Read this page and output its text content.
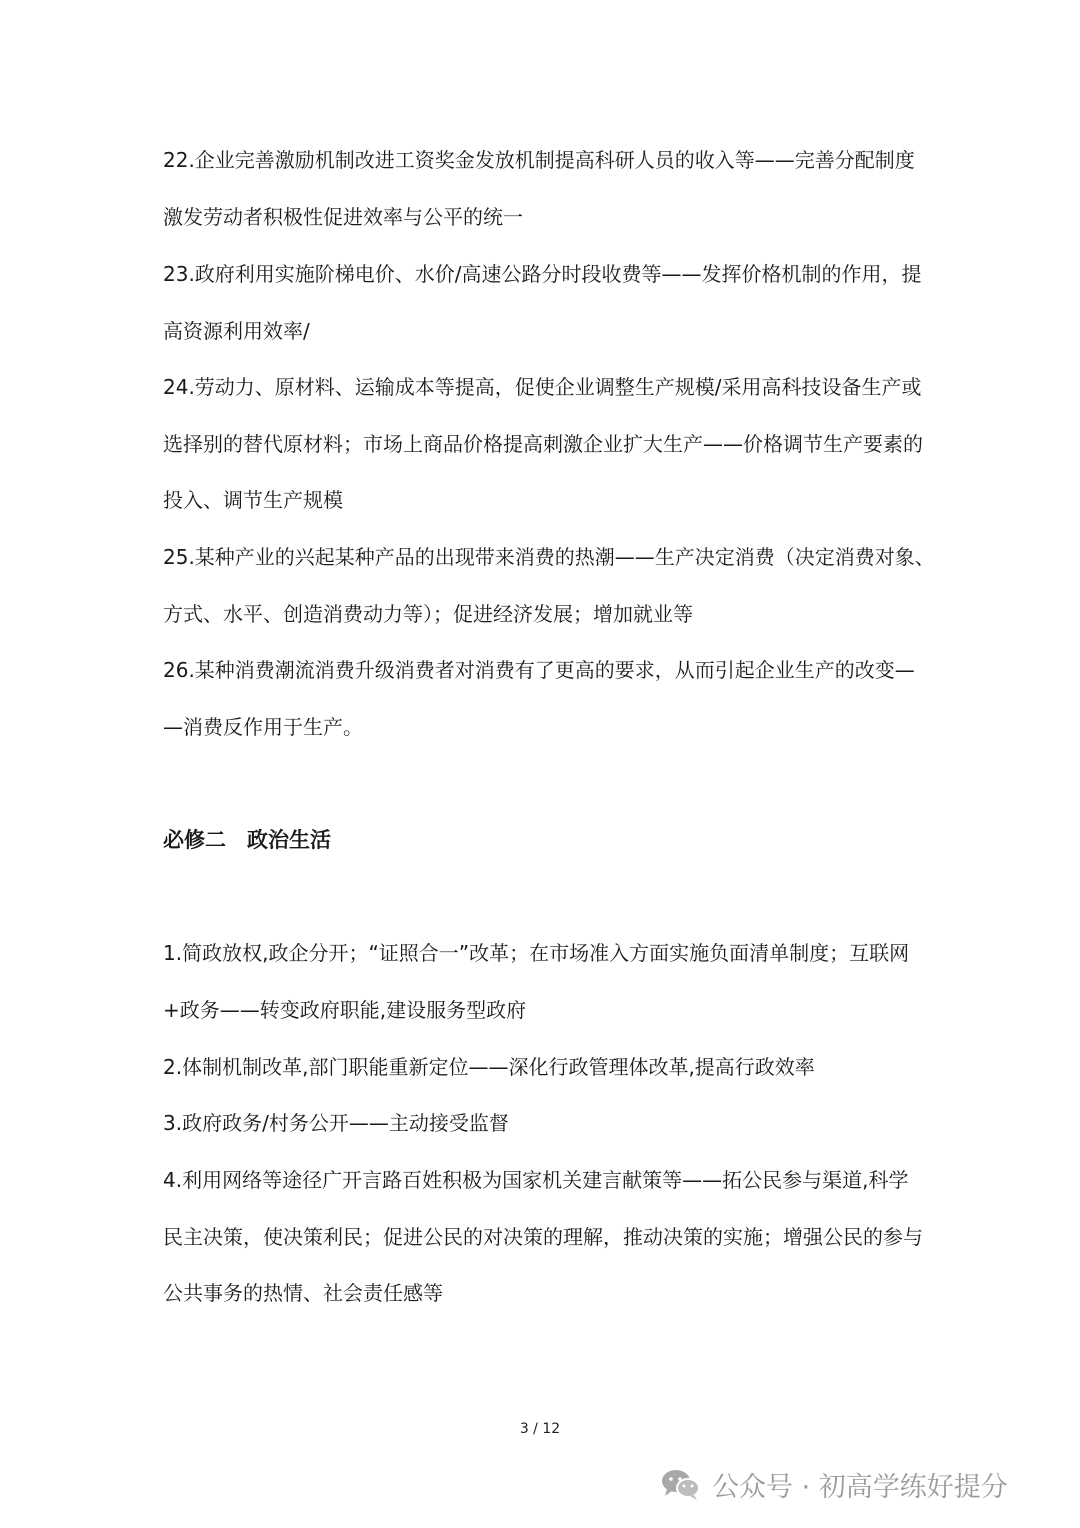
22.企业完善激励机制改进工资奖金发放机制提高科研人员的收入等——完善分配制度
激发劳动者积极性促进效率与公平的统一
23.政府利用实施阶梯电价、水价/高速公路分时段收费等——发挥价格机制的作用，提
高资源利用效率/
24.劳动力、原材料、运输成本等提高，促使企业调整生产规模/采用高科技设备生产或
选择别的替代原材料；市场上商品价格提高刺激企业扩大生产——价格调节生产要素的
投入、调节生产规模
25.某种产业的兴起某种产品的出现带来消费的热潮——生产决定消费（决定消费对象、
方式、水平、创造消费动力等）；促进经济发展；增加就业等
26.某种消费潮流消费升级消费者对消费有了更高的要求，从而引起企业生产的改变—
—消费反作用于生产。
必修二　政治生活
1.简政放权,政企分开；“证照合一”改革；在市场准入方面实施负面清单制度；互联网
+政务——转变政府职能,建设服务型政府
2.体制机制改革,部门职能重新定位——深化行政管理体改革,提高行政效率
3.政府政务/村务公开——主动接受监督
4.利用网络等途径广开言路百姓积极为国家机关建言献策等——拓公民参与渠道,科学
民主决策，使决策利民；促进公民的对决策的理解，推动决策的实施；增强公民的参与
公共事务的热情、社会责任感等
3 / 12
公众号 · 初高学练好提分
